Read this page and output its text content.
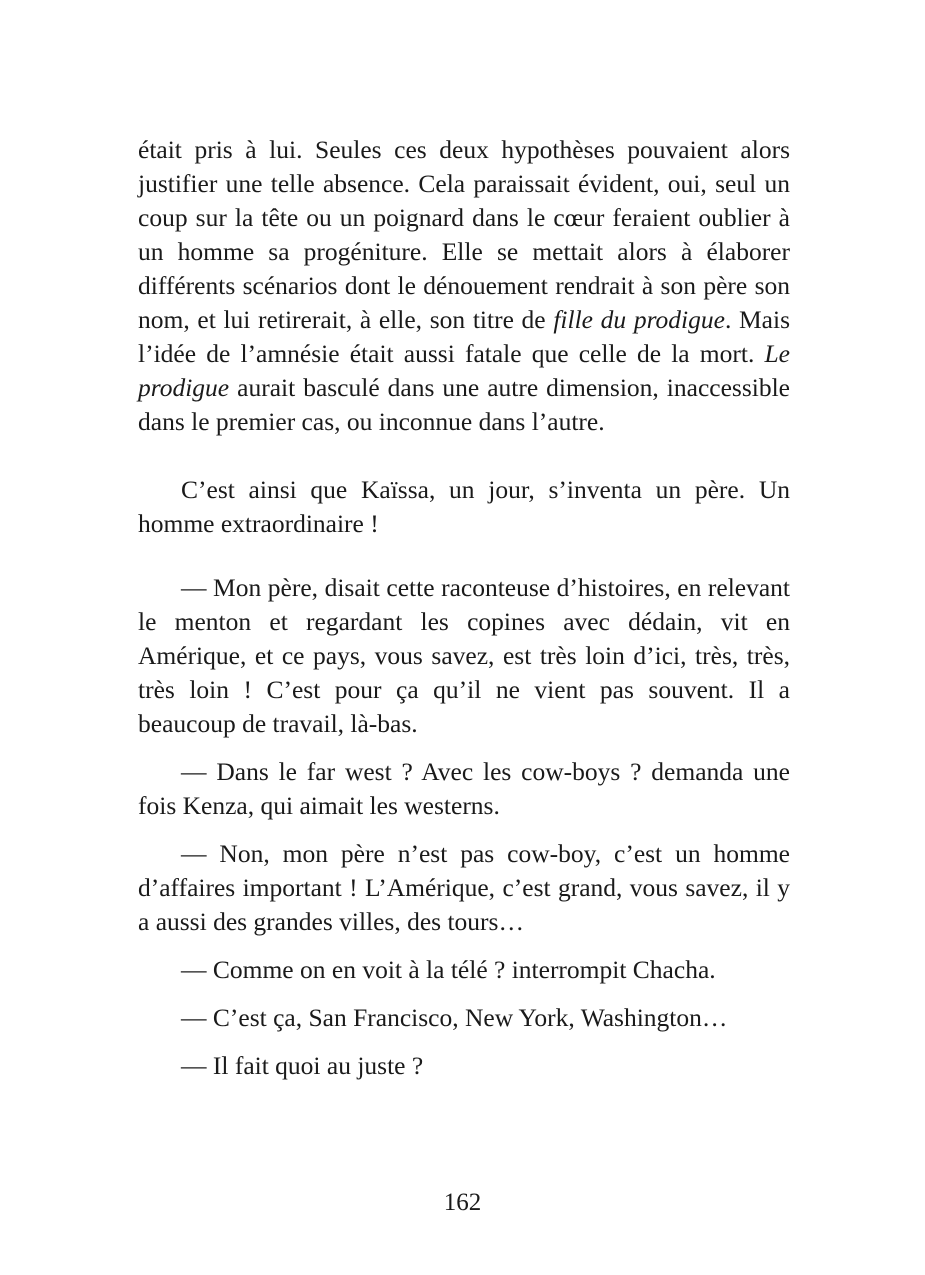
était pris à lui. Seules ces deux hypothèses pouvaient alors justifier une telle absence. Cela paraissait évident, oui, seul un coup sur la tête ou un poignard dans le cœur feraient oublier à un homme sa progéniture. Elle se mettait alors à élaborer différents scénarios dont le dénouement rendrait à son père son nom, et lui retirerait, à elle, son titre de fille du prodigue. Mais l’idée de l’amnésie était aussi fatale que celle de la mort. Le prodigue aurait basculé dans une autre dimension, inaccessible dans le premier cas, ou inconnue dans l’autre.

C’est ainsi que Kaïssa, un jour, s’inventa un père. Un homme extraordinaire !

— Mon père, disait cette raconteuse d’histoires, en relevant le menton et regardant les copines avec dédain, vit en Amérique, et ce pays, vous savez, est très loin d’ici, très, très, très loin ! C’est pour ça qu’il ne vient pas souvent. Il a beaucoup de travail, là-bas.

— Dans le far west ? Avec les cow-boys ? demanda une fois Kenza, qui aimait les westerns.

— Non, mon père n’est pas cow-boy, c’est un homme d’affaires important ! L’Amérique, c’est grand, vous savez, il y a aussi des grandes villes, des tours…

— Comme on en voit à la télé ? interrompit Chacha.

— C’est ça, San Francisco, New York, Washington…

— Il fait quoi au juste ?

162
